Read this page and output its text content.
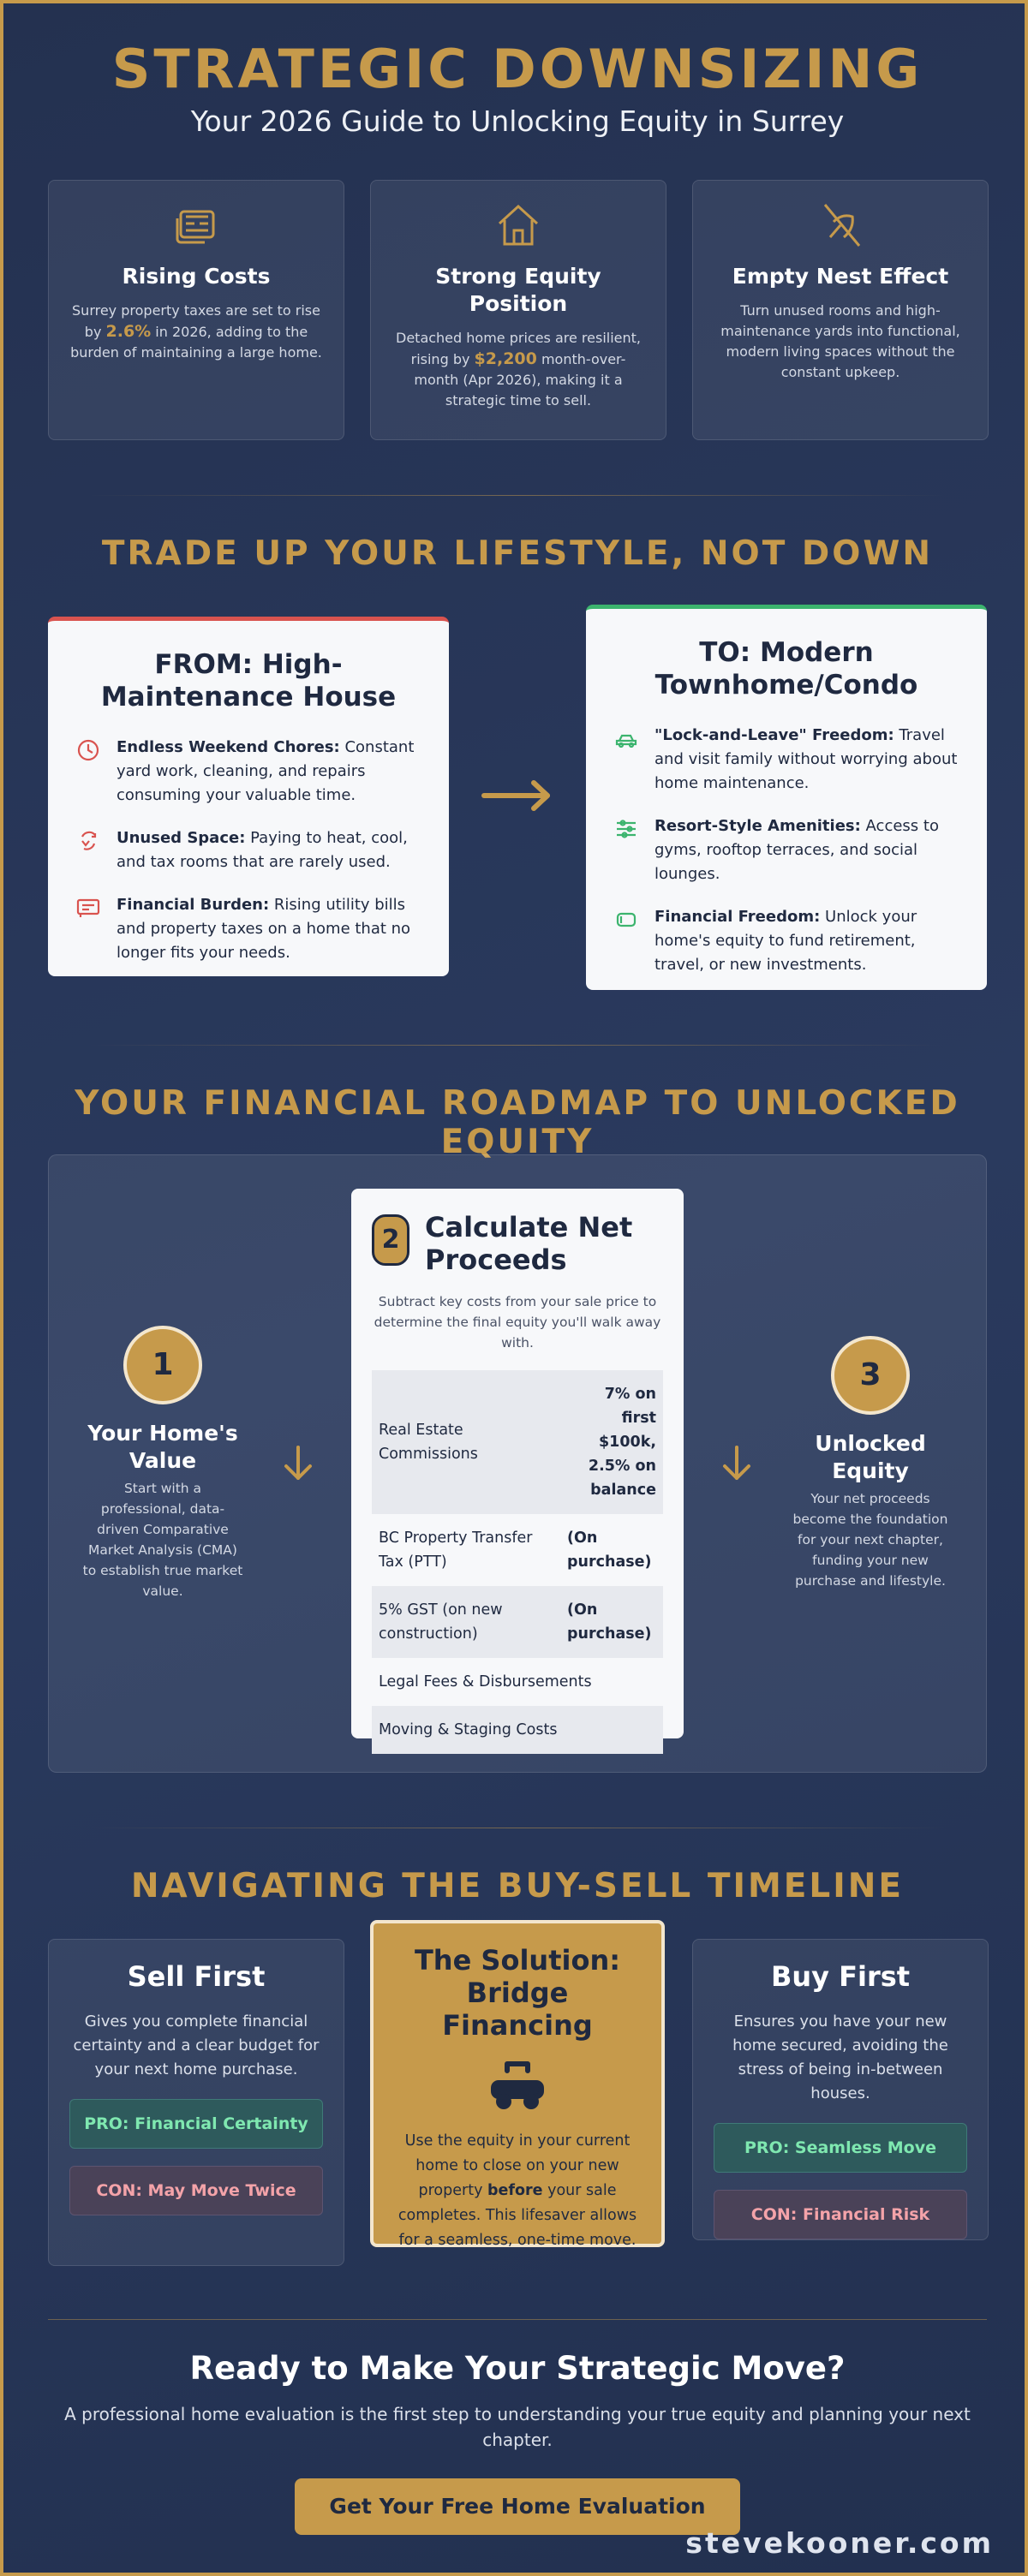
STRATEGIC DOWNSIZING
Your 2026 Guide to Unlocking Equity in Surrey
Rising Costs

Surrey property taxes are set to rise by 2.6% in 2026, adding to the burden of maintaining a large home.

Strong Equity Position

Detached home prices are resilient, rising by $2,200 month-over-month (Apr 2026), making it a strategic time to sell.

Empty Nest Effect

Turn unused rooms and high-maintenance yards into functional, modern living spaces without the constant upkeep.

TRADE UP YOUR LIFESTYLE, NOT DOWN
FROM: High-Maintenance House

Endless Weekend Chores: Constant yard work, cleaning, and repairs consuming your valuable time.

Unused Space: Paying to heat, cool, and tax rooms that are rarely used.

Financial Burden: Rising utility bills and property taxes on a home that no longer fits your needs.

TO: Modern Townhome/Condo

"Lock-and-Leave" Freedom: Travel and visit family without worrying about home maintenance.

Resort-Style Amenities: Access to gyms, rooftop terraces, and social lounges.

Financial Freedom: Unlock your home's equity to fund retirement, travel, or new investments.

YOUR FINANCIAL ROADMAP TO UNLOCKED EQUITY
1
Your Home's Value
Start with a professional, data-driven Comparative Market Analysis (CMA) to establish true market value.
2 Calculate Net Proceeds
Subtract key costs from your sale price to determine the final equity you'll walk away with.
Real Estate Commissions	7% on first $100k, 2.5% on balance
BC Property Transfer Tax (PTT)	(On purchase)
5% GST (on new construction)	(On purchase)
Legal Fees & Disbursements	
Moving & Staging Costs	
3
Unlocked Equity
Your net proceeds become the foundation for your next chapter, funding your new purchase and lifestyle.
NAVIGATING THE BUY-SELL TIMELINE
Sell First

Gives you complete financial certainty and a clear budget for your next home purchase.

PRO: Financial Certainty
CON: May Move Twice
The Solution: Bridge Financing

Use the equity in your current home to close on your new property before your sale completes. This lifesaver allows for a seamless, one-time move.

Buy First

Ensures you have your new home secured, avoiding the stress of being in-between houses.

PRO: Seamless Move
CON: Financial Risk
Ready to Make Your Strategic Move?
A professional home evaluation is the first step to understanding your true equity and planning your next chapter.
Get Your Free Home Evaluation
stevekooner.com
